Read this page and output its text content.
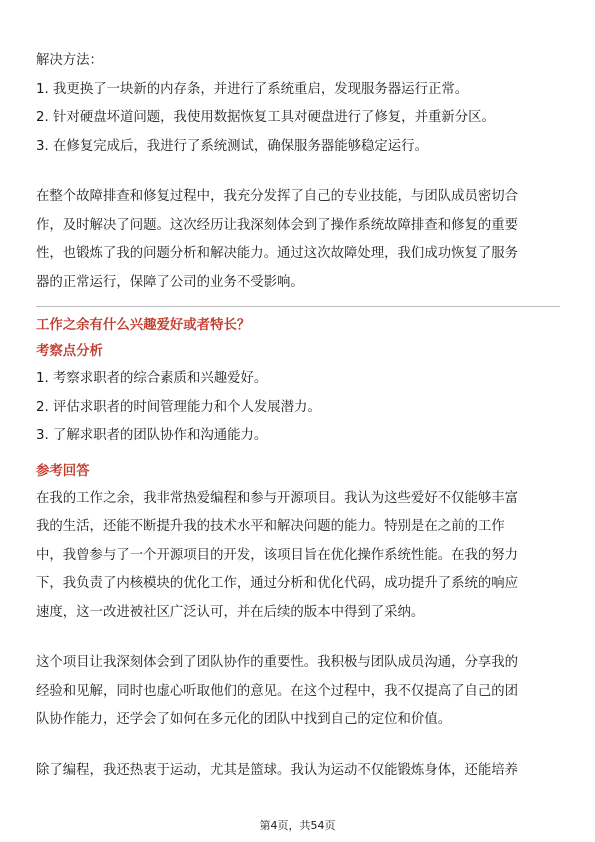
解决方法：
1. 我更换了一块新的内存条，并进行了系统重启，发现服务器运行正常。
2. 针对硬盘坏道问题，我使用数据恢复工具对硬盘进行了修复，并重新分区。
3. 在修复完成后，我进行了系统测试，确保服务器能够稳定运行。
在整个故障排查和修复过程中，我充分发挥了自己的专业技能，与团队成员密切合
作，及时解决了问题。这次经历让我深刻体会到了操作系统故障排查和修复的重要
性，也锻炼了我的问题分析和解决能力。通过这次故障处理，我们成功恢复了服务
器的正常运行，保障了公司的业务不受影响。
工作之余有什么兴趣爱好或者特长？
考察点分析
1. 考察求职者的综合素质和兴趣爱好。
2. 评估求职者的时间管理能力和个人发展潜力。
3. 了解求职者的团队协作和沟通能力。
参考回答
在我的工作之余，我非常热爱编程和参与开源项目。我认为这些爱好不仅能够丰富
我的生活，还能不断提升我的技术水平和解决问题的能力。特别是在之前的工作
中，我曾参与了一个开源项目的开发，该项目旨在优化操作系统性能。在我的努力
下，我负责了内核模块的优化工作，通过分析和优化代码，成功提升了系统的响应
速度，这一改进被社区广泛认可，并在后续的版本中得到了采纳。
这个项目让我深刻体会到了团队协作的重要性。我积极与团队成员沟通，分享我的
经验和见解，同时也虚心听取他们的意见。在这个过程中，我不仅提高了自己的团
队协作能力，还学会了如何在多元化的团队中找到自己的定位和价值。
除了编程，我还热衷于运动，尤其是篮球。我认为运动不仅能锻炼身体，还能培养
第4页，共54页
